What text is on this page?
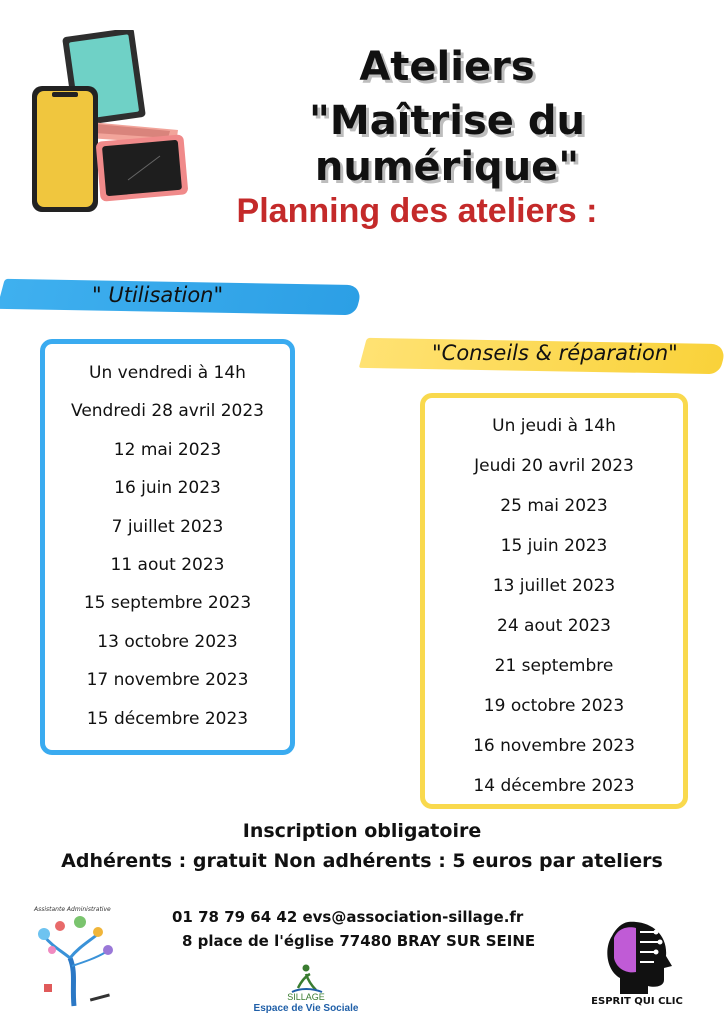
Ateliers
"Maîtrise du numérique"
Planning des ateliers :
" Utilisation"
Un vendredi à 14h
Vendredi 28 avril 2023
12 mai 2023
16 juin 2023
7 juillet 2023
11 aout 2023
15 septembre 2023
13 octobre 2023
17 novembre 2023
15 décembre 2023
"Conseils & réparation"
Un jeudi à 14h
Jeudi 20 avril 2023
25 mai 2023
15 juin 2023
13 juillet 2023
24 aout 2023
21 septembre
19 octobre 2023
16 novembre 2023
14 décembre 2023
Inscription obligatoire
Adhérents : gratuit Non adhérents : 5 euros par ateliers
01 78 79 64 42 evs@association-sillage.fr
8 place de l'église 77480 BRAY SUR SEINE
Assistante Administrative
SILLAGE
Espace de Vie Sociale
ESPRIT QUI CLIC
